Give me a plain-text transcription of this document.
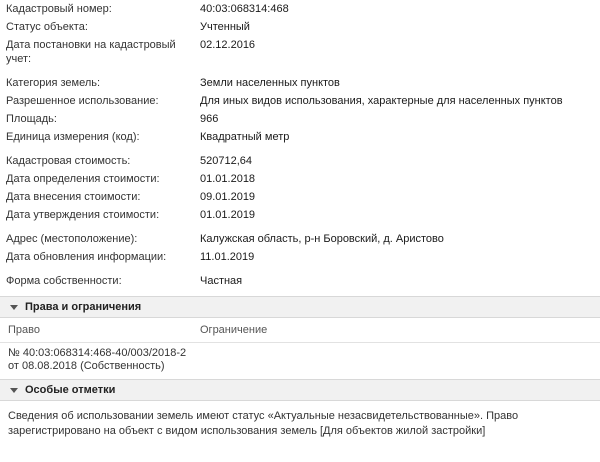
Кадастровый номер:	40:03:068314:468
Статус объекта:	Учтенный
Дата постановки на кадастровый учет:
02.12.2016
Категория земель:	Земли населенных пунктов
Разрешенное использование:	Для иных видов использования, характерные для населенных пунктов
Площадь:	966
Единица измерения (код):	Квадратный метр
Кадастровая стоимость:	520712,64
Дата определения стоимости:	01.01.2018
Дата внесения стоимости:	09.01.2019
Дата утверждения стоимости:	01.01.2019
Адрес (местоположение):	Калужская область, р-н Боровский, д. Аристово
Дата обновления информации:	11.01.2019
Форма собственности:	Частная
Права и ограничения
Право	Ограничение
№ 40:03:068314:468-40/003/2018-2
от 08.08.2018 (Собственность)
Особые отметки
Сведения об использовании земель имеют статус «Актуальные незасвидетельствованные». Право зарегистрировано на объект с видом использования земель [Для объектов жилой застройки]
